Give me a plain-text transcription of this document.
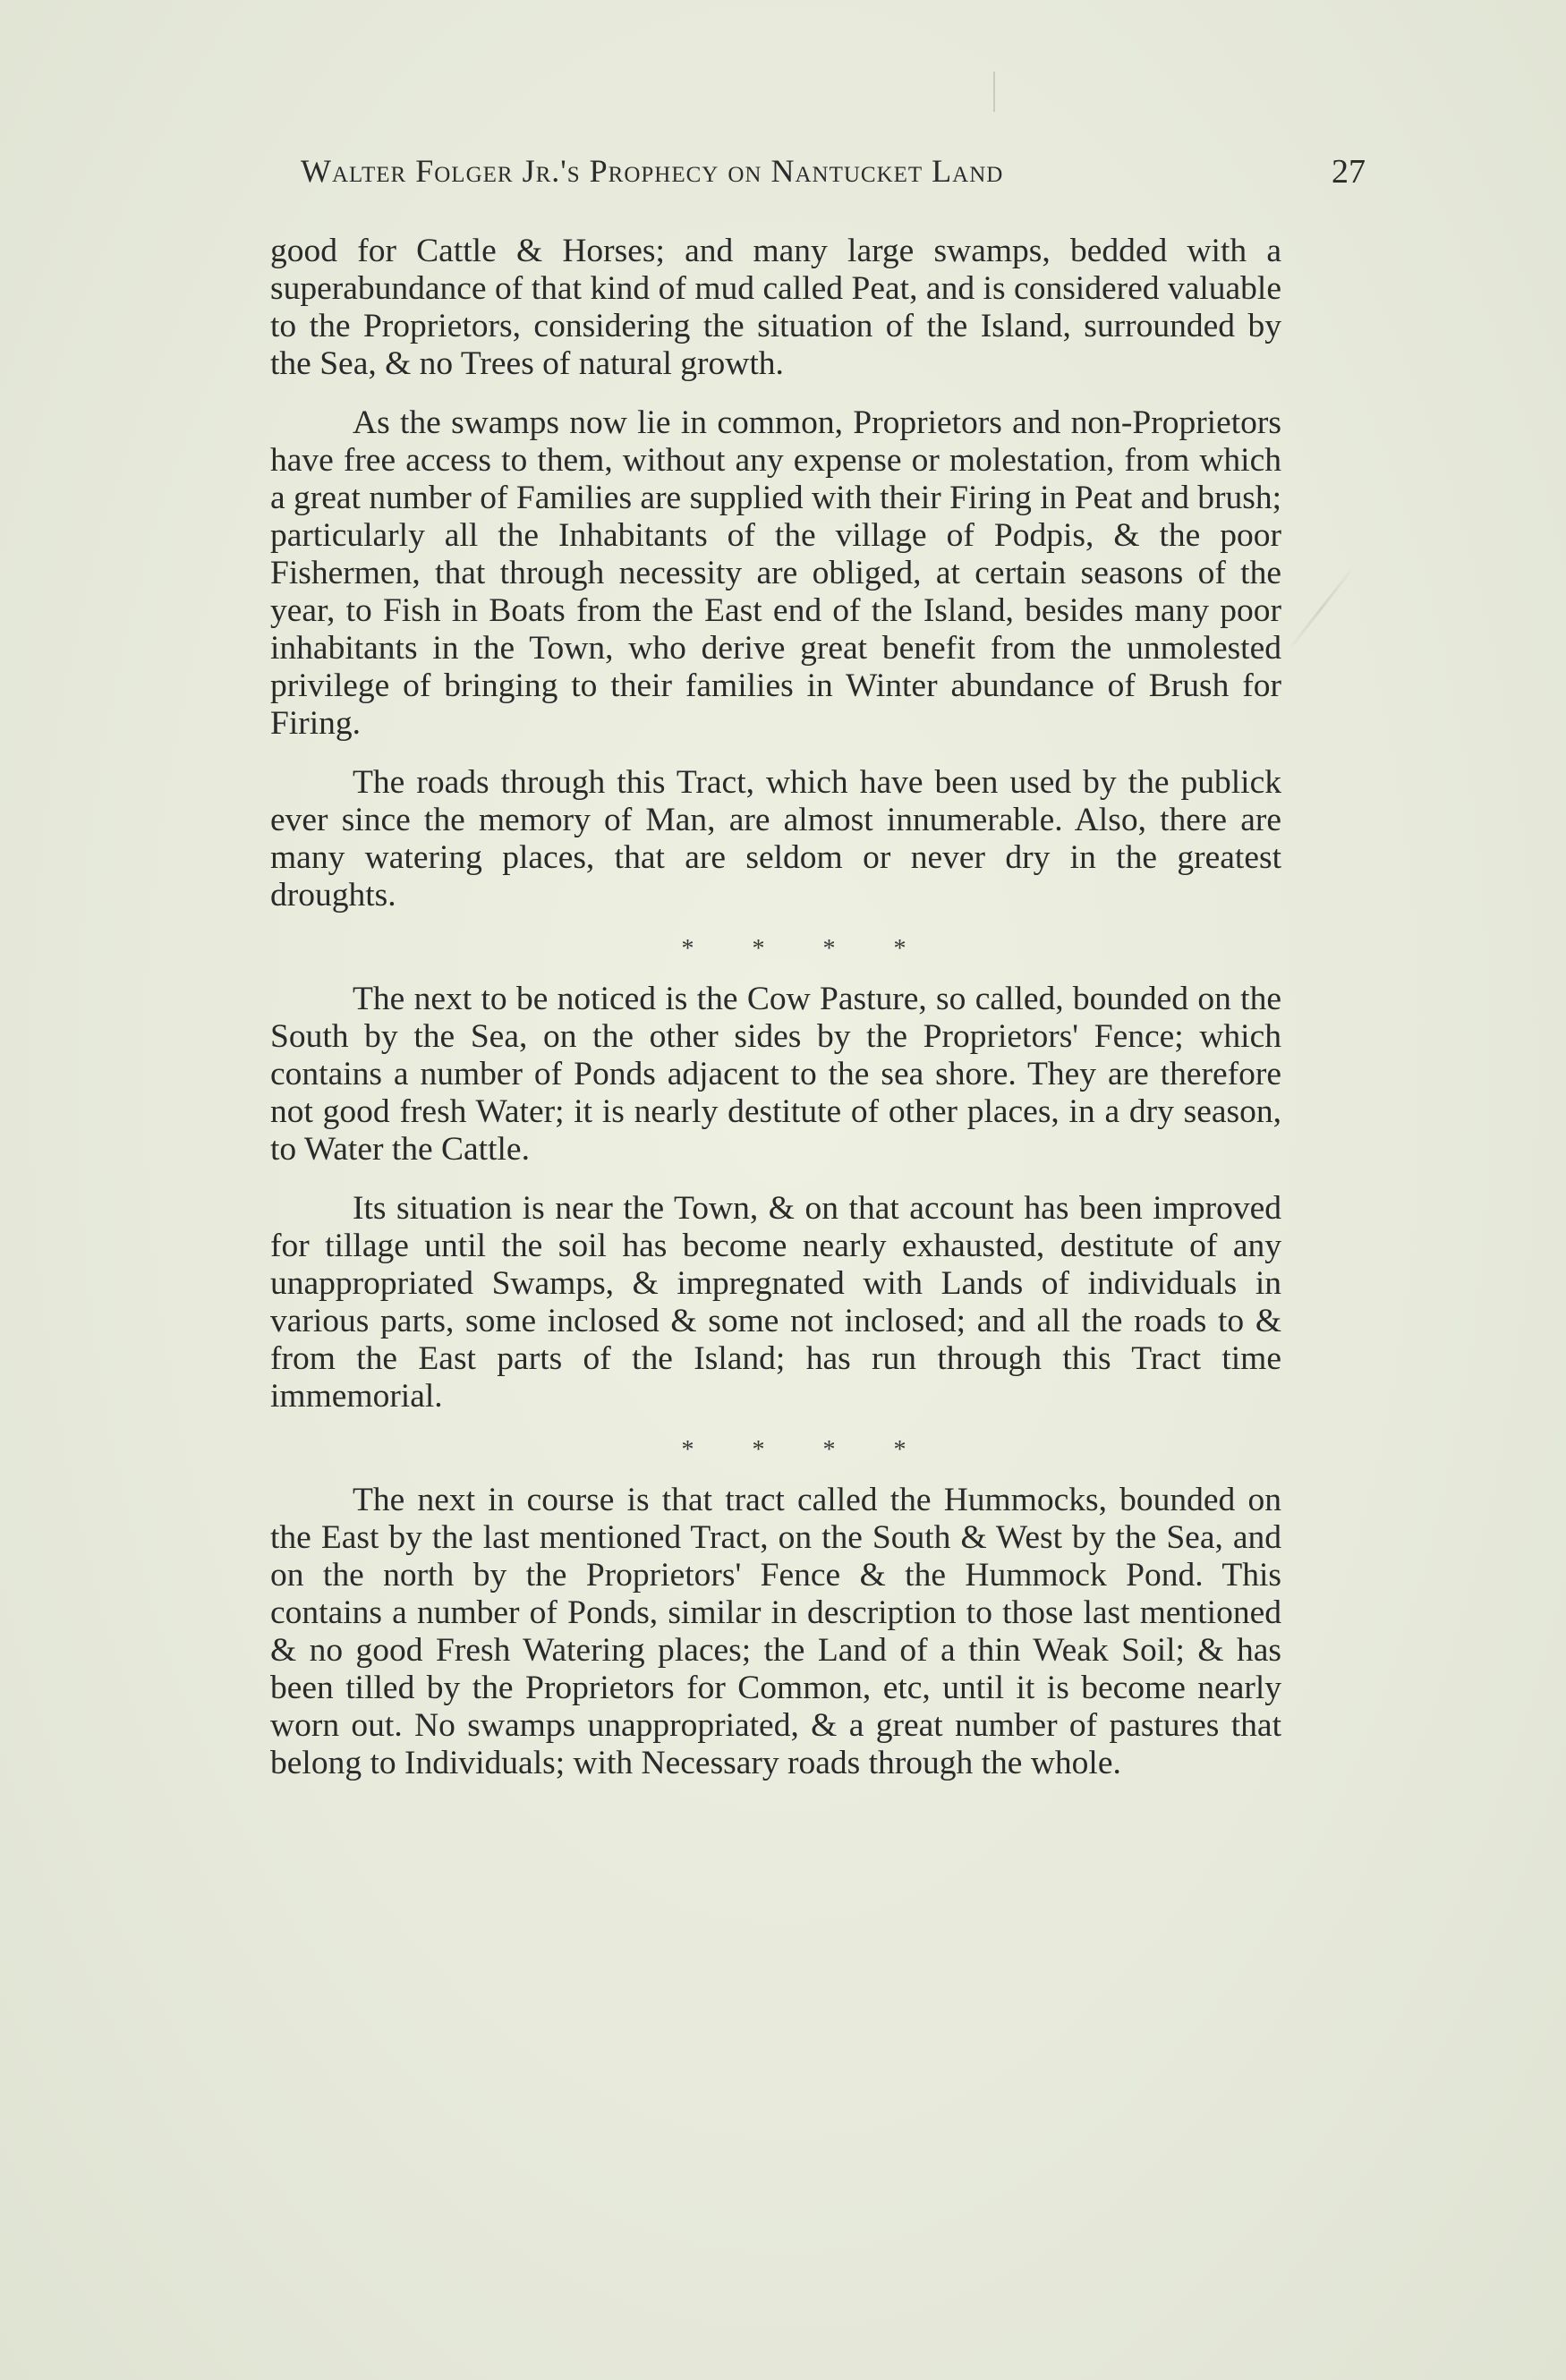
Walter Folger Jr.'s Prophecy on Nantucket Land	27

good for Cattle & Horses; and many large swamps, bedded with a superabundance of that kind of mud called Peat, and is considered valuable to the Proprietors, considering the situation of the Island, surrounded by the Sea, & no Trees of natural growth.

As the swamps now lie in common, Proprietors and non-Proprietors have free access to them, without any expense or molestation, from which a great number of Families are supplied with their Firing in Peat and brush; particularly all the Inhabitants of the village of Podpis, & the poor Fishermen, that through necessity are obliged, at certain seasons of the year, to Fish in Boats from the East end of the Island, besides many poor inhabitants in the Town, who derive great benefit from the unmolested privilege of bringing to their families in Winter abundance of Brush for Firing.

The roads through this Tract, which have been used by the publick ever since the memory of Man, are almost innumerable. Also, there are many watering places, that are seldom or never dry in the greatest droughts.

* * * *

The next to be noticed is the Cow Pasture, so called, bounded on the South by the Sea, on the other sides by the Proprietors' Fence; which contains a number of Ponds adjacent to the sea shore. They are therefore not good fresh Water; it is nearly destitute of other places, in a dry season, to Water the Cattle.

Its situation is near the Town, & on that account has been improved for tillage until the soil has become nearly exhausted, destitute of any unappropriated Swamps, & impregnated with Lands of individuals in various parts, some inclosed & some not inclosed; and all the roads to & from the East parts of the Island; has run through this Tract time immemorial.

* * * *

The next in course is that tract called the Hummocks, bounded on the East by the last mentioned Tract, on the South & West by the Sea, and on the north by the Proprietors' Fence & the Hummock Pond. This contains a number of Ponds, similar in description to those last mentioned & no good Fresh Watering places; the Land of a thin Weak Soil; & has been tilled by the Proprietors for Common, etc, until it is become nearly worn out. No swamps unappropriated, & a great number of pastures that belong to Individuals; with Necessary roads through the whole.
